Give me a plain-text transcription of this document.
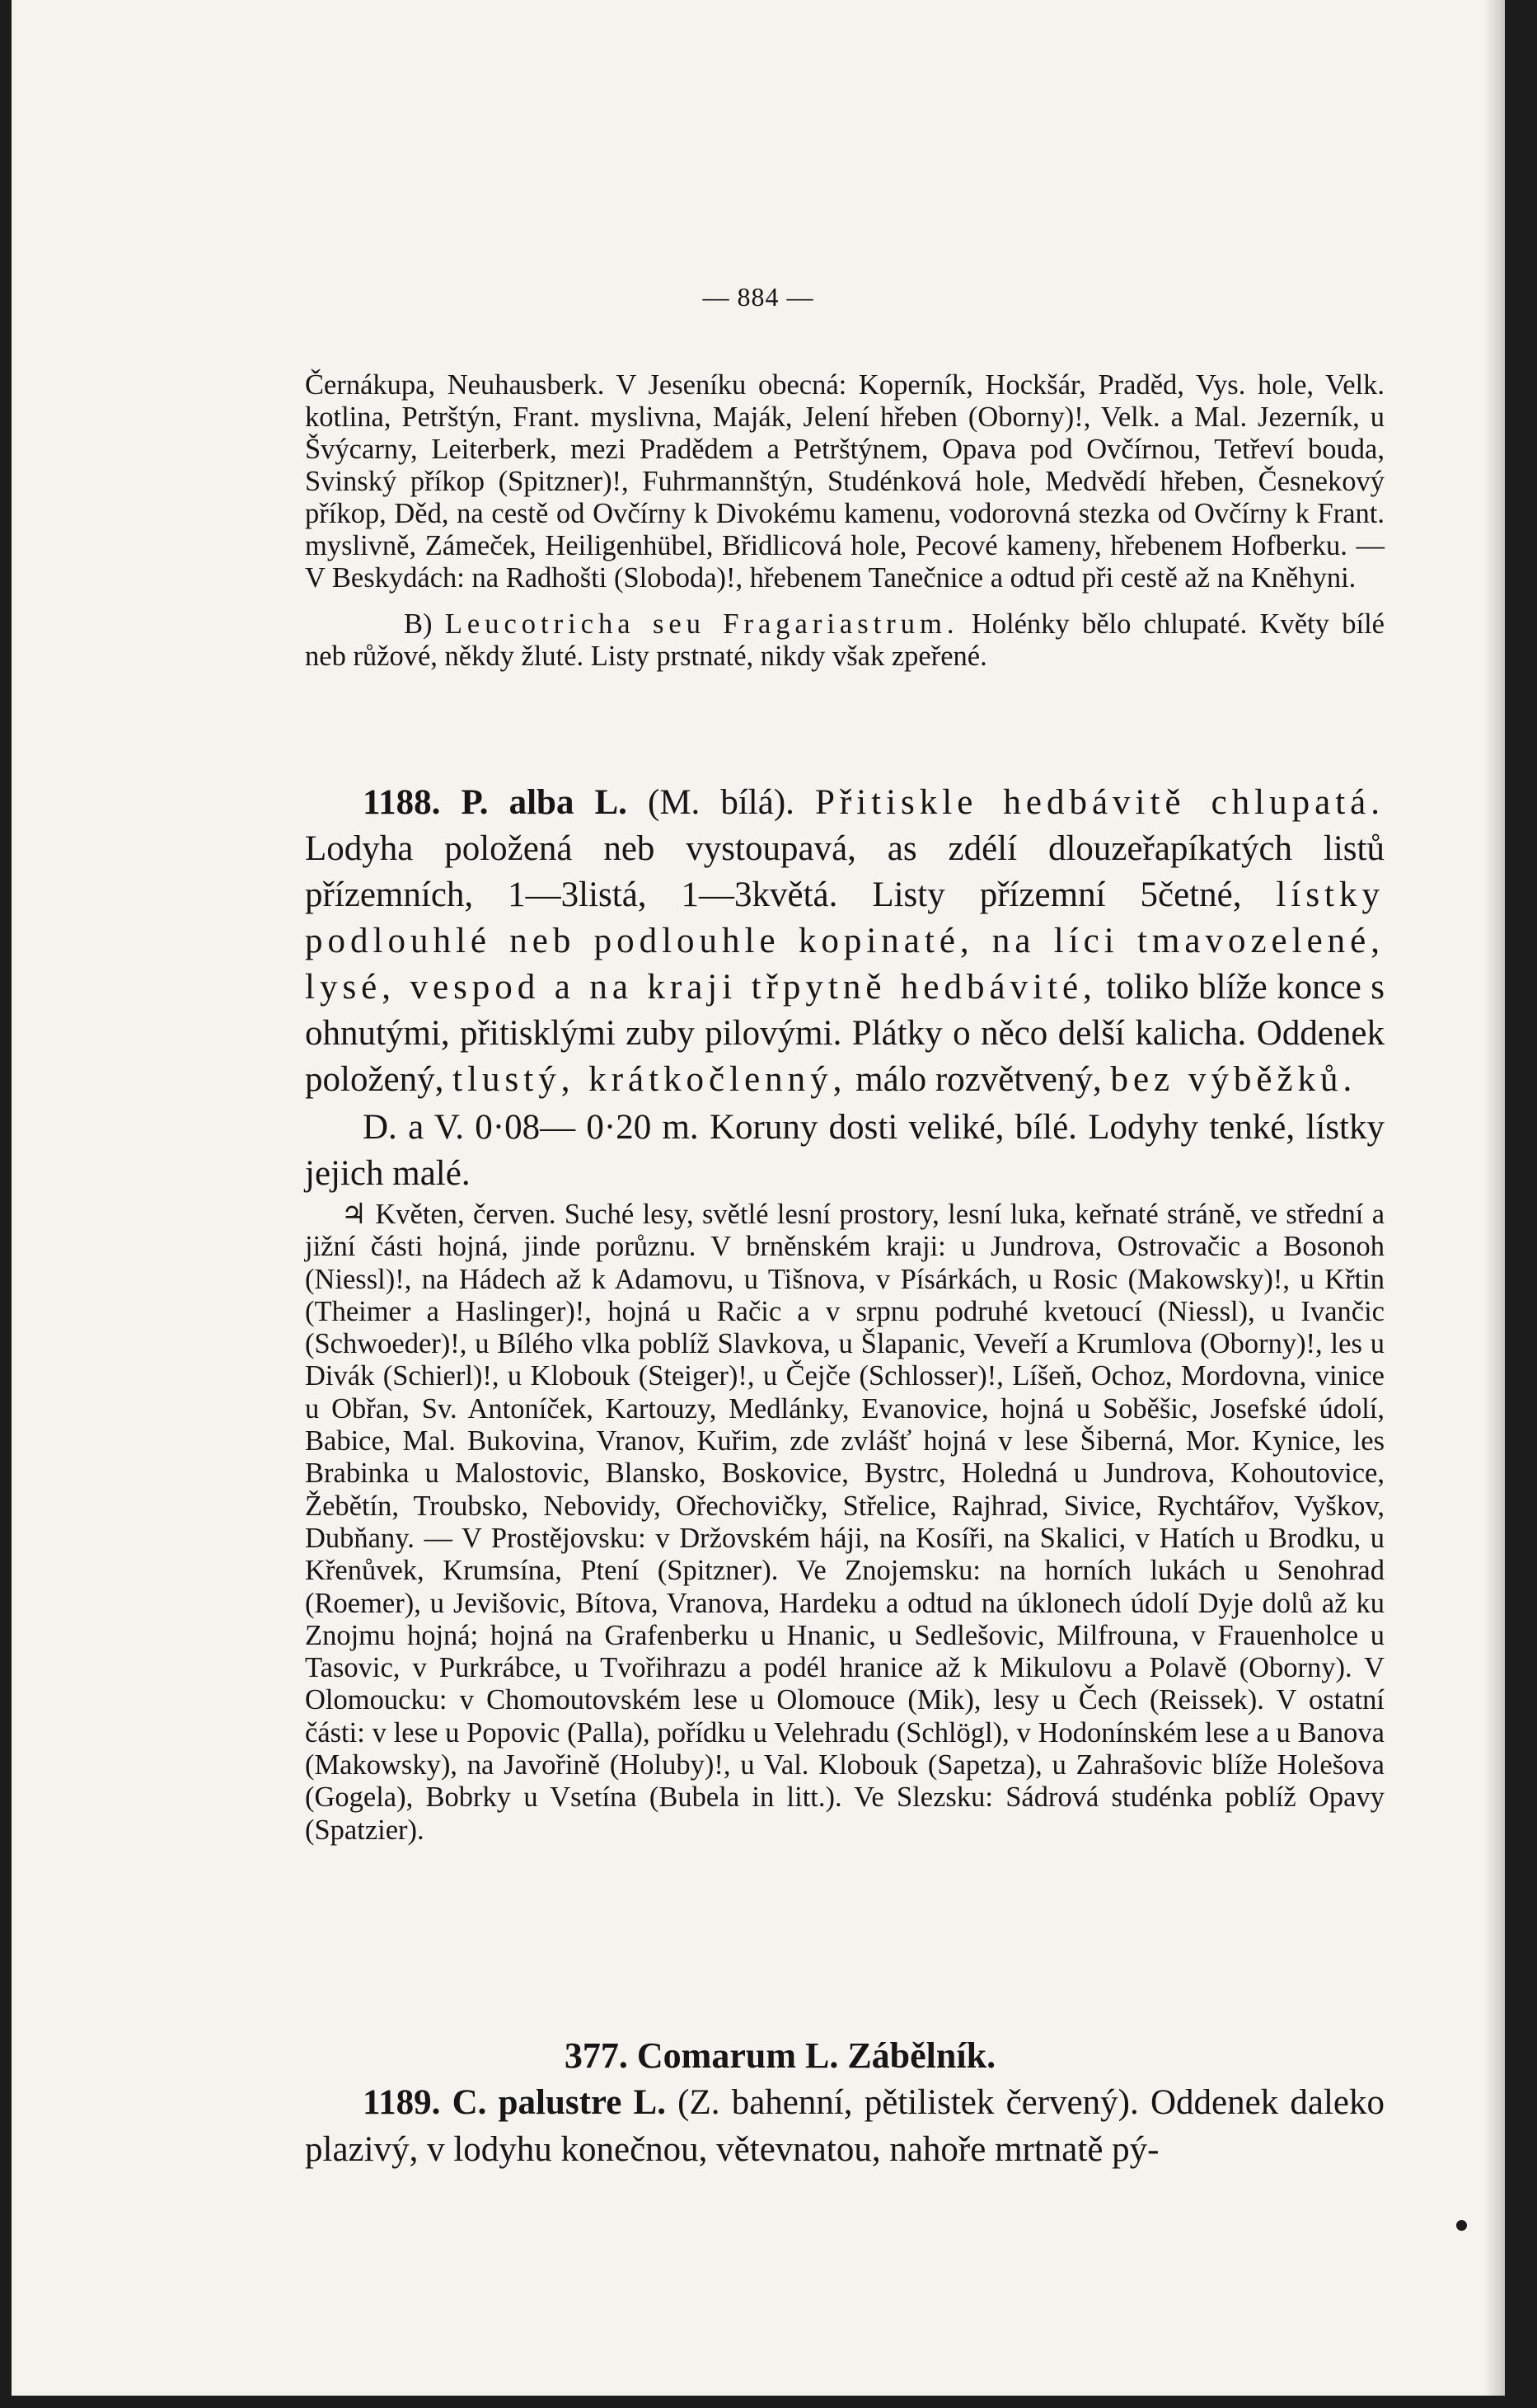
— 884 —

Černákupa, Neuhausberk. V Jeseníku obecná: Koperník, Hockšár, Praděd, Vys. hole, Velk. kotlina, Petrštýn, Frant. myslivna, Maják, Jelení hřeben (Oborny)!, Velk. a Mal. Jezerník, u Švýcarny, Leiterberk, mezi Pradědem a Petrštýnem, Opava pod Ovčírnou, Tetřeví bouda, Svinský příkop (Spitzner)!, Fuhrmannštýn, Studénková hole, Medvědí hřeben, Česnekový příkop, Děd, na cestě od Ovčírny k Divokému kamenu, vodorovná stezka od Ovčírny k Frant. myslivně, Zámeček, Heiligenhübel, Břidlicová hole, Pecové kameny, hřebenem Hofberku. — V Beskydách: na Radhošti (Sloboda)!, hřebenem Tanečnice a odtud při cestě až na Kněhyni.

B) Leucotricha seu Fragariastrum. Holénky bělo chlupaté. Květy bílé neb růžové, někdy žluté. Listy prstnaté, nikdy však zpeřené.

1188. P. alba L. (M. bílá). Přitiskle hedbávitě chlupatá. Lodyha položená neb vystoupavá, as zdélí dlouzeřapíkatých listů přízemních, 1—3listá, 1—3květá. Listy přízemní 5četné, lístky podlouhlé neb podlouhle kopinaté, na líci tmavozelené, lysé, vespod a na kraji třpytně hedbávité, toliko blíže konce s ohnutými, přitisklými zuby pilovými. Plátky o něco delší kalicha. Oddenek položený, tlustý, krátkočlenný, málo rozvětvený, bez výběžků.

D. a V. 0·08— 0·20 m. Koruny dosti veliké, bílé. Lodyhy tenké, lístky jejich malé.

♃ Květen, červen. Suché lesy, světlé lesní prostory, lesní luka, keřnaté stráně, ve střední a jižní části hojná, jinde porůznu. V brněnském kraji: u Jundrova, Ostrovačic a Bosonoh (Niessl)!, na Hádech až k Adamovu, u Tišnova, v Písárkách, u Rosic (Makowsky)!, u Křtin (Theimer a Haslinger)!, hojná u Račic a v srpnu podruhé kvetoucí (Niessl), u Ivančic (Schwoeder)!, u Bílého vlka poblíž Slavkova, u Šlapanic, Veveří a Krumlova (Oborny)!, les u Divák (Schierl)!, u Klobouk (Steiger)!, u Čejče (Schlosser)!, Líšeň, Ochoz, Mordovna, vinice u Obřan, Sv. Antoníček, Kartouzy, Medlánky, Evanovice, hojná u Soběšic, Josefské údolí, Babice, Mal. Bukovina, Vranov, Kuřim, zde zvlášť hojná v lese Šiberná, Mor. Kynice, les Brabinka u Malostovic, Blansko, Boskovice, Bystrc, Holedná u Jundrova, Kohoutovice, Žebětín, Troubsko, Nebovidy, Ořechovičky, Střelice, Rajhrad, Sivice, Rychtářov, Vyškov, Dubňany. — V Prostějovsku: v Držovském háji, na Kosíři, na Skalici, v Hatích u Brodku, u Křenůvek, Krumsína, Ptení (Spitzner). Ve Znojemsku: na horních lukách u Senohrad (Roemer), u Jevišovic, Bítova, Vranova, Hardeku a odtud na úklonech údolí Dyje dolů až ku Znojmu hojná; hojná na Grafenberku u Hnanic, u Sedlešovic, Milfrouna, v Frauenholce u Tasovic, v Purkrábce, u Tvořihrazu a podél hranice až k Mikulovu a Polavě (Oborny). V Olomoucku: v Chomoutovském lese u Olomouce (Mik), lesy u Čech (Reissek). V ostatní části: v lese u Popovic (Palla), pořídku u Velehradu (Schlögl), v Hodonínském lese a u Banova (Makowsky), na Javořině (Holuby)!, u Val. Klobouk (Sapetza), u Zahrašovic blíže Holešova (Gogela), Bobrky u Vsetína (Bubela in litt.). Ve Slezsku: Sádrová studénka poblíž Opavy (Spatzier).

377. Comarum L. Zábělník.

1189. C. palustre L. (Z. bahenní, pětilistek červený). Oddenek daleko plazivý, v lodyhu konečnou, větevnatou, nahoře mrtnatě pý-
